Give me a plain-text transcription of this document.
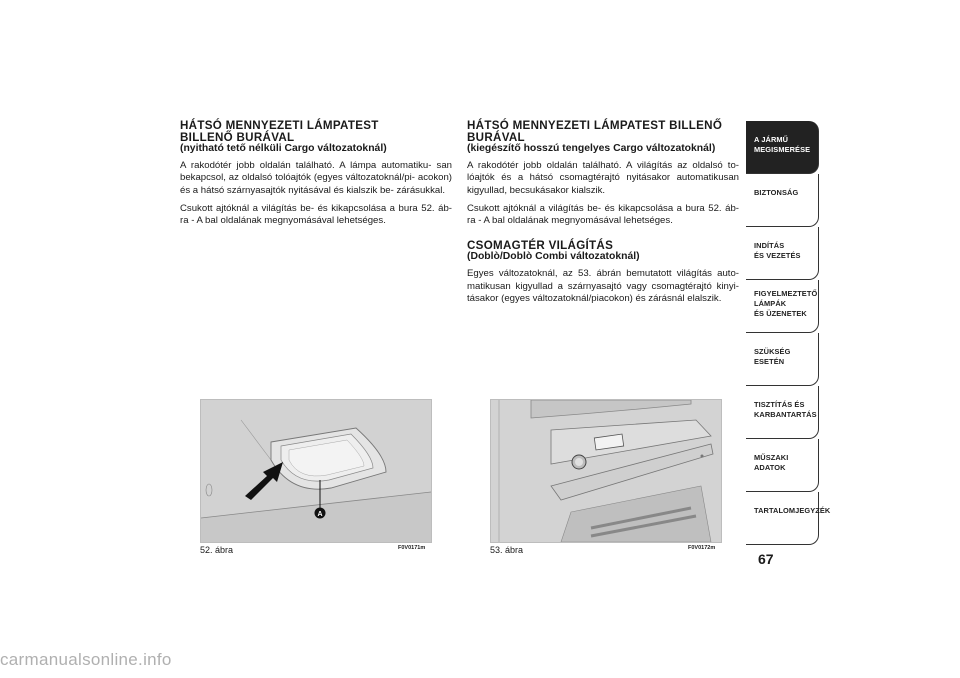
HÁTSÓ MENNYEZETI LÁMPATEST

BILLENŐ BURÁVAL

(nyitható tető nélküli Cargo változatoknál)

A rakodótér jobb oldalán található. A lámpa automatiku- san bekapcsol, az oldalsó tolóajtók (egyes változatoknál/pi- acokon) és a hátsó szárnyasajtók nyitásával és kialszik be- zárásukkal.

Csukott ajtóknál a világítás be- és kikapcsolása a bura 52. áb- ra - A bal oldalának megnyomásával lehetséges.

HÁTSÓ MENNYEZETI LÁMPATEST BILLENŐ

BURÁVAL

(kiegészítő hosszú tengelyes Cargo változatoknál)

A rakodótér jobb oldalán található. A világítás az oldalsó to- lóajtók és a hátsó csomagtérajtó nyitásakor automatikusan kigyullad, becsukásakor kialszik.

Csukott ajtóknál a világítás be- és kikapcsolása a bura 52. áb- ra - A bal oldalának megnyomásával lehetséges.

CSOMAGTÉR VILÁGÍTÁS

(Doblò/Doblò Combi változatoknál)

Egyes változatoknál, az 53. ábrán bemutatott világítás auto- matikusan kigyullad a szárnyasajtó vagy csomagtérajtó kinyi- tásakor (egyes változatoknál/piacokon) és zárásnál elalszik.

A
52. ábra	F0V0171m	53. ábra	F0V0172m
A JÁRMŰ
MEGISMERÉSE
BIZTONSÁG
INDÍTÁS
ÉS VEZETÉS
FIGYELMEZTETŐ
LÁMPÁK
ÉS ÜZENETEK
SZÜKSÉG
ESETÉN
TISZTÍTÁS ÉS
KARBANTARTÁS
MŰSZAKI
ADATOK
TARTALOMJEGYZÉK
67
carmanualsonline.info
